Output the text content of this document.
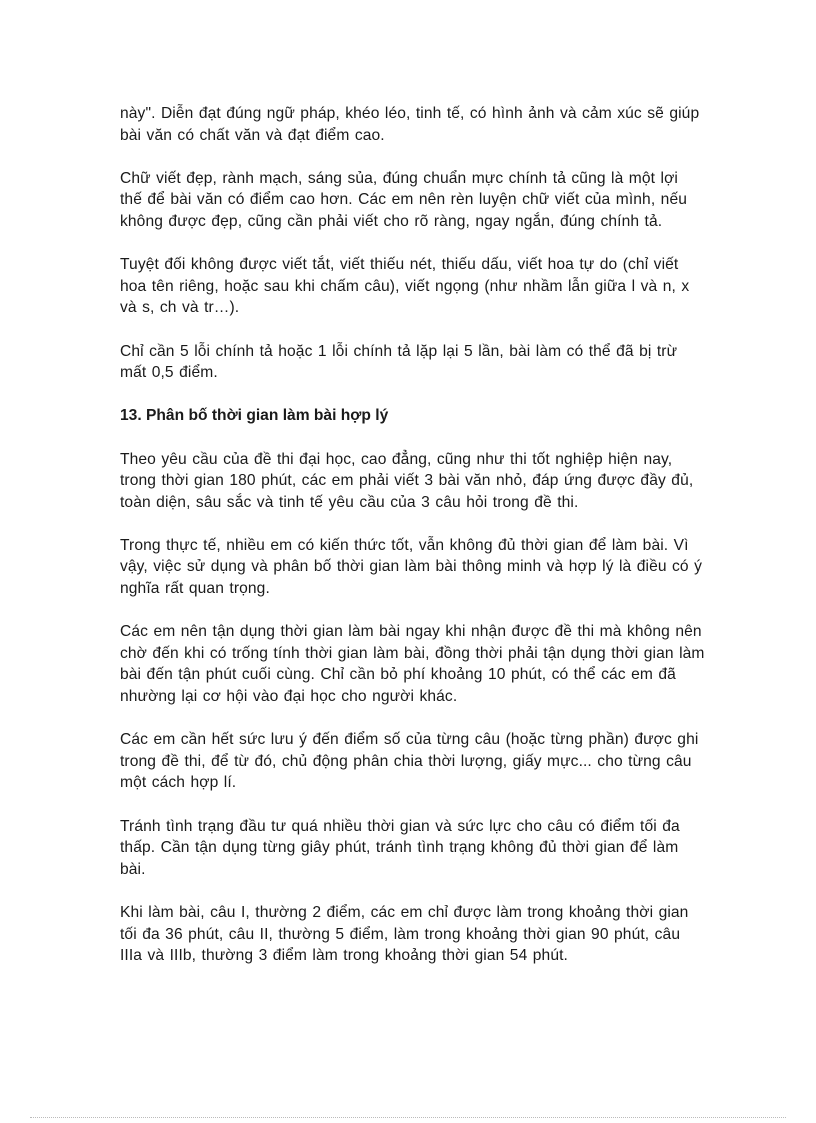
này". Diễn đạt đúng ngữ pháp, khéo léo, tinh tế, có hình ảnh và cảm xúc sẽ giúp bài văn có chất văn và đạt điểm cao.

Chữ viết đẹp, rành mạch, sáng sủa, đúng chuẩn mực chính tả cũng là một lợi thế để bài văn có điểm cao hơn. Các em nên rèn luyện chữ viết của mình, nếu không được đẹp, cũng cần phải viết cho rõ ràng, ngay ngắn, đúng chính tả.

Tuyệt đối không được viết tắt, viết thiếu nét, thiếu dấu, viết hoa tự do (chỉ viết hoa tên riêng, hoặc sau khi chấm câu), viết ngọng (như nhầm lẫn giữa l và n, x và s, ch và tr…).

Chỉ cần 5 lỗi chính tả hoặc 1 lỗi chính tả lặp lại 5 lần, bài làm có thể đã bị trừ mất 0,5 điểm.

13. Phân bố thời gian làm bài hợp lý

Theo yêu cầu của đề thi đại học, cao đẳng, cũng như thi tốt nghiệp hiện nay, trong thời gian 180 phút, các em phải viết 3 bài văn nhỏ, đáp ứng được đầy đủ, toàn diện, sâu sắc và tinh tế yêu cầu của 3 câu hỏi trong đề thi.

Trong thực tế, nhiều em có kiến thức tốt, vẫn không đủ thời gian để làm bài. Vì vậy, việc sử dụng và phân bố thời gian làm bài thông minh và hợp lý là điều có ý nghĩa rất quan trọng.

Các em nên tận dụng thời gian làm bài ngay khi nhận được đề thi mà không nên chờ đến khi có trống tính thời gian làm bài, đồng thời phải tận dụng thời gian làm bài đến tận phút cuối cùng. Chỉ cần bỏ phí khoảng 10 phút, có thể các em đã nhường lại cơ hội vào đại học cho người khác.

Các em cần hết sức lưu ý đến điểm số của từng câu (hoặc từng phần) được ghi trong đề thi, để từ đó, chủ động phân chia thời lượng, giấy mực... cho từng câu một cách hợp lí.

Tránh tình trạng đầu tư quá nhiều thời gian và sức lực cho câu có điểm tối đa thấp. Cần tận dụng từng giây phút, tránh tình trạng không đủ thời gian để làm bài.

Khi làm bài, câu I, thường 2 điểm, các em chỉ được làm trong khoảng thời gian tối đa 36 phút, câu II, thường 5 điểm, làm trong khoảng thời gian 90 phút, câu IIIa và IIIb, thường 3 điểm làm trong khoảng thời gian 54 phút.
